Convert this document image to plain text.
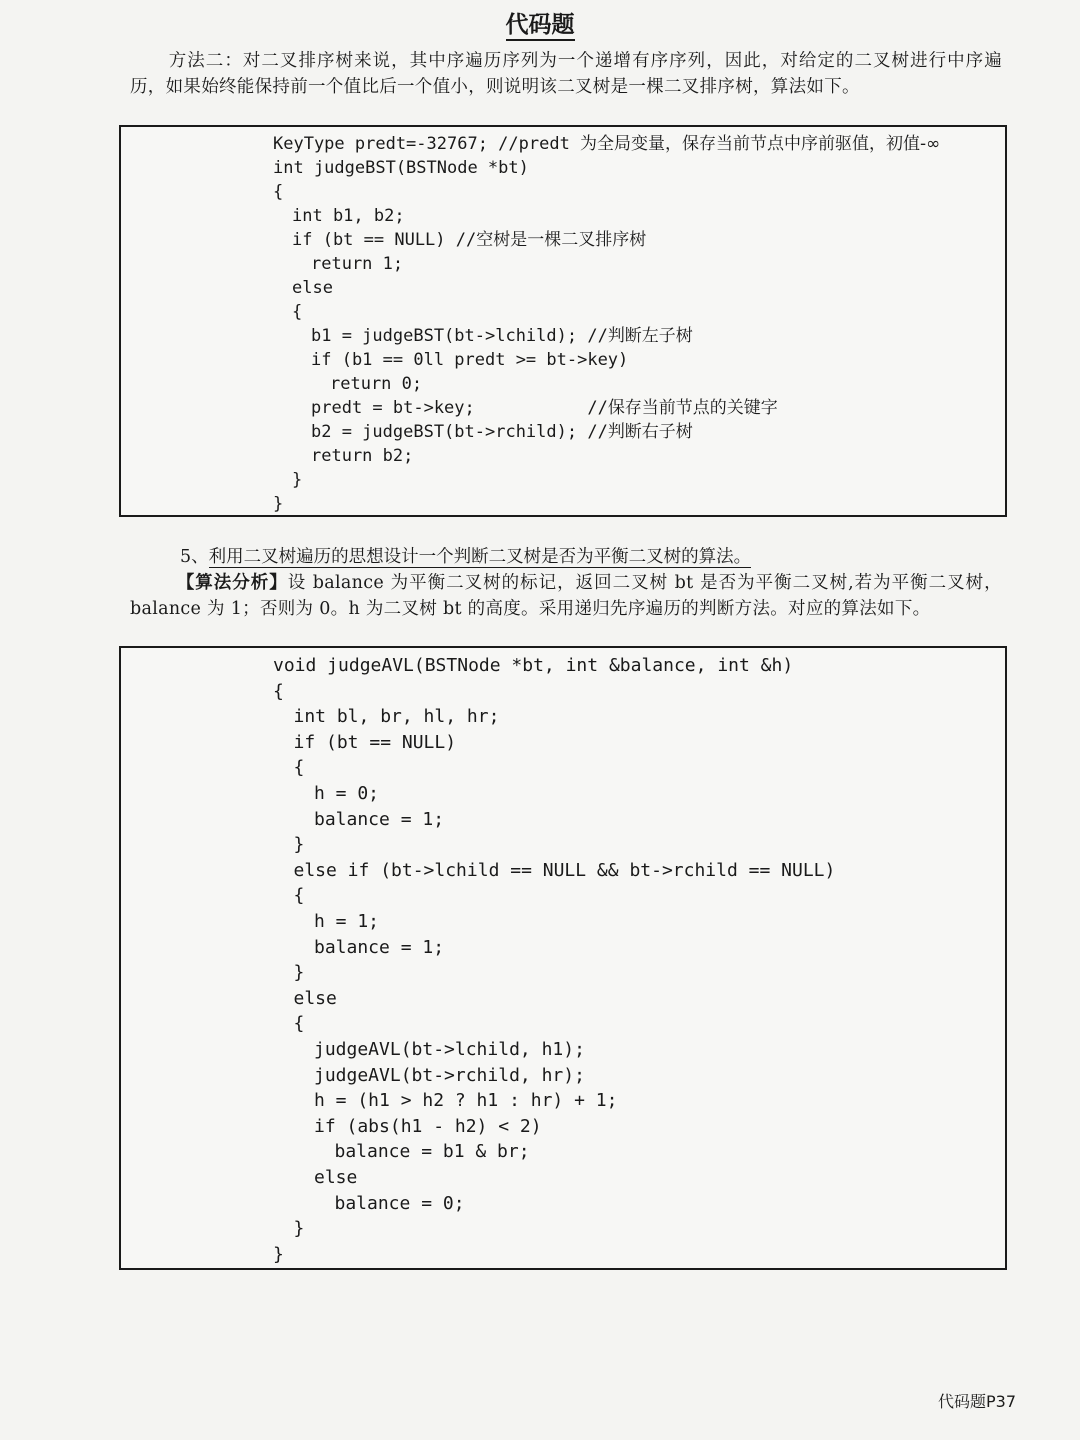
代码题
方法二：对二叉排序树来说，其中序遍历序列为一个递增有序序列，因此，对给定的二叉树进行中序遍历，如果始终能保持前一个值比后一个值小，则说明该二叉树是一棵二叉排序树，算法如下。
KeyType predt=-32767; //predt 为全局变量，保存当前节点中序前驱值，初值-∞
int judgeBST(BSTNode *bt)
{
int b1, b2;
if (bt == NULL) //空树是一棵二叉排序树
return 1;
else
{
b1 = judgeBST(bt->lchild); //判断左子树
if (b1 == 0ll predt >= bt->key)
return 0;
predt = bt->key;           //保存当前节点的关键字
b2 = judgeBST(bt->rchild); //判断右子树
return b2;
}
}
5、利用二叉树遍历的思想设计一个判断二叉树是否为平衡二叉树的算法。
【算法分析】设 balance 为平衡二叉树的标记，返回二叉树 bt 是否为平衡二叉树,若为平衡二叉树，balance 为 1；否则为 0。h 为二叉树 bt 的高度。采用递归先序遍历的判断方法。对应的算法如下。
void judgeAVL(BSTNode *bt, int &balance, int &h)
{
int bl, br, hl, hr;
if (bt == NULL)
{
h = 0;
balance = 1;
}
else if (bt->lchild == NULL && bt->rchild == NULL)
{
h = 1;
balance = 1;
}
else
{
judgeAVL(bt->lchild, h1);
judgeAVL(bt->rchild, hr);
h = (h1 > h2 ? h1 : hr) + 1;
if (abs(h1 - h2) < 2)
balance = b1 & br;
else
balance = 0;
}
}
代码题P37
